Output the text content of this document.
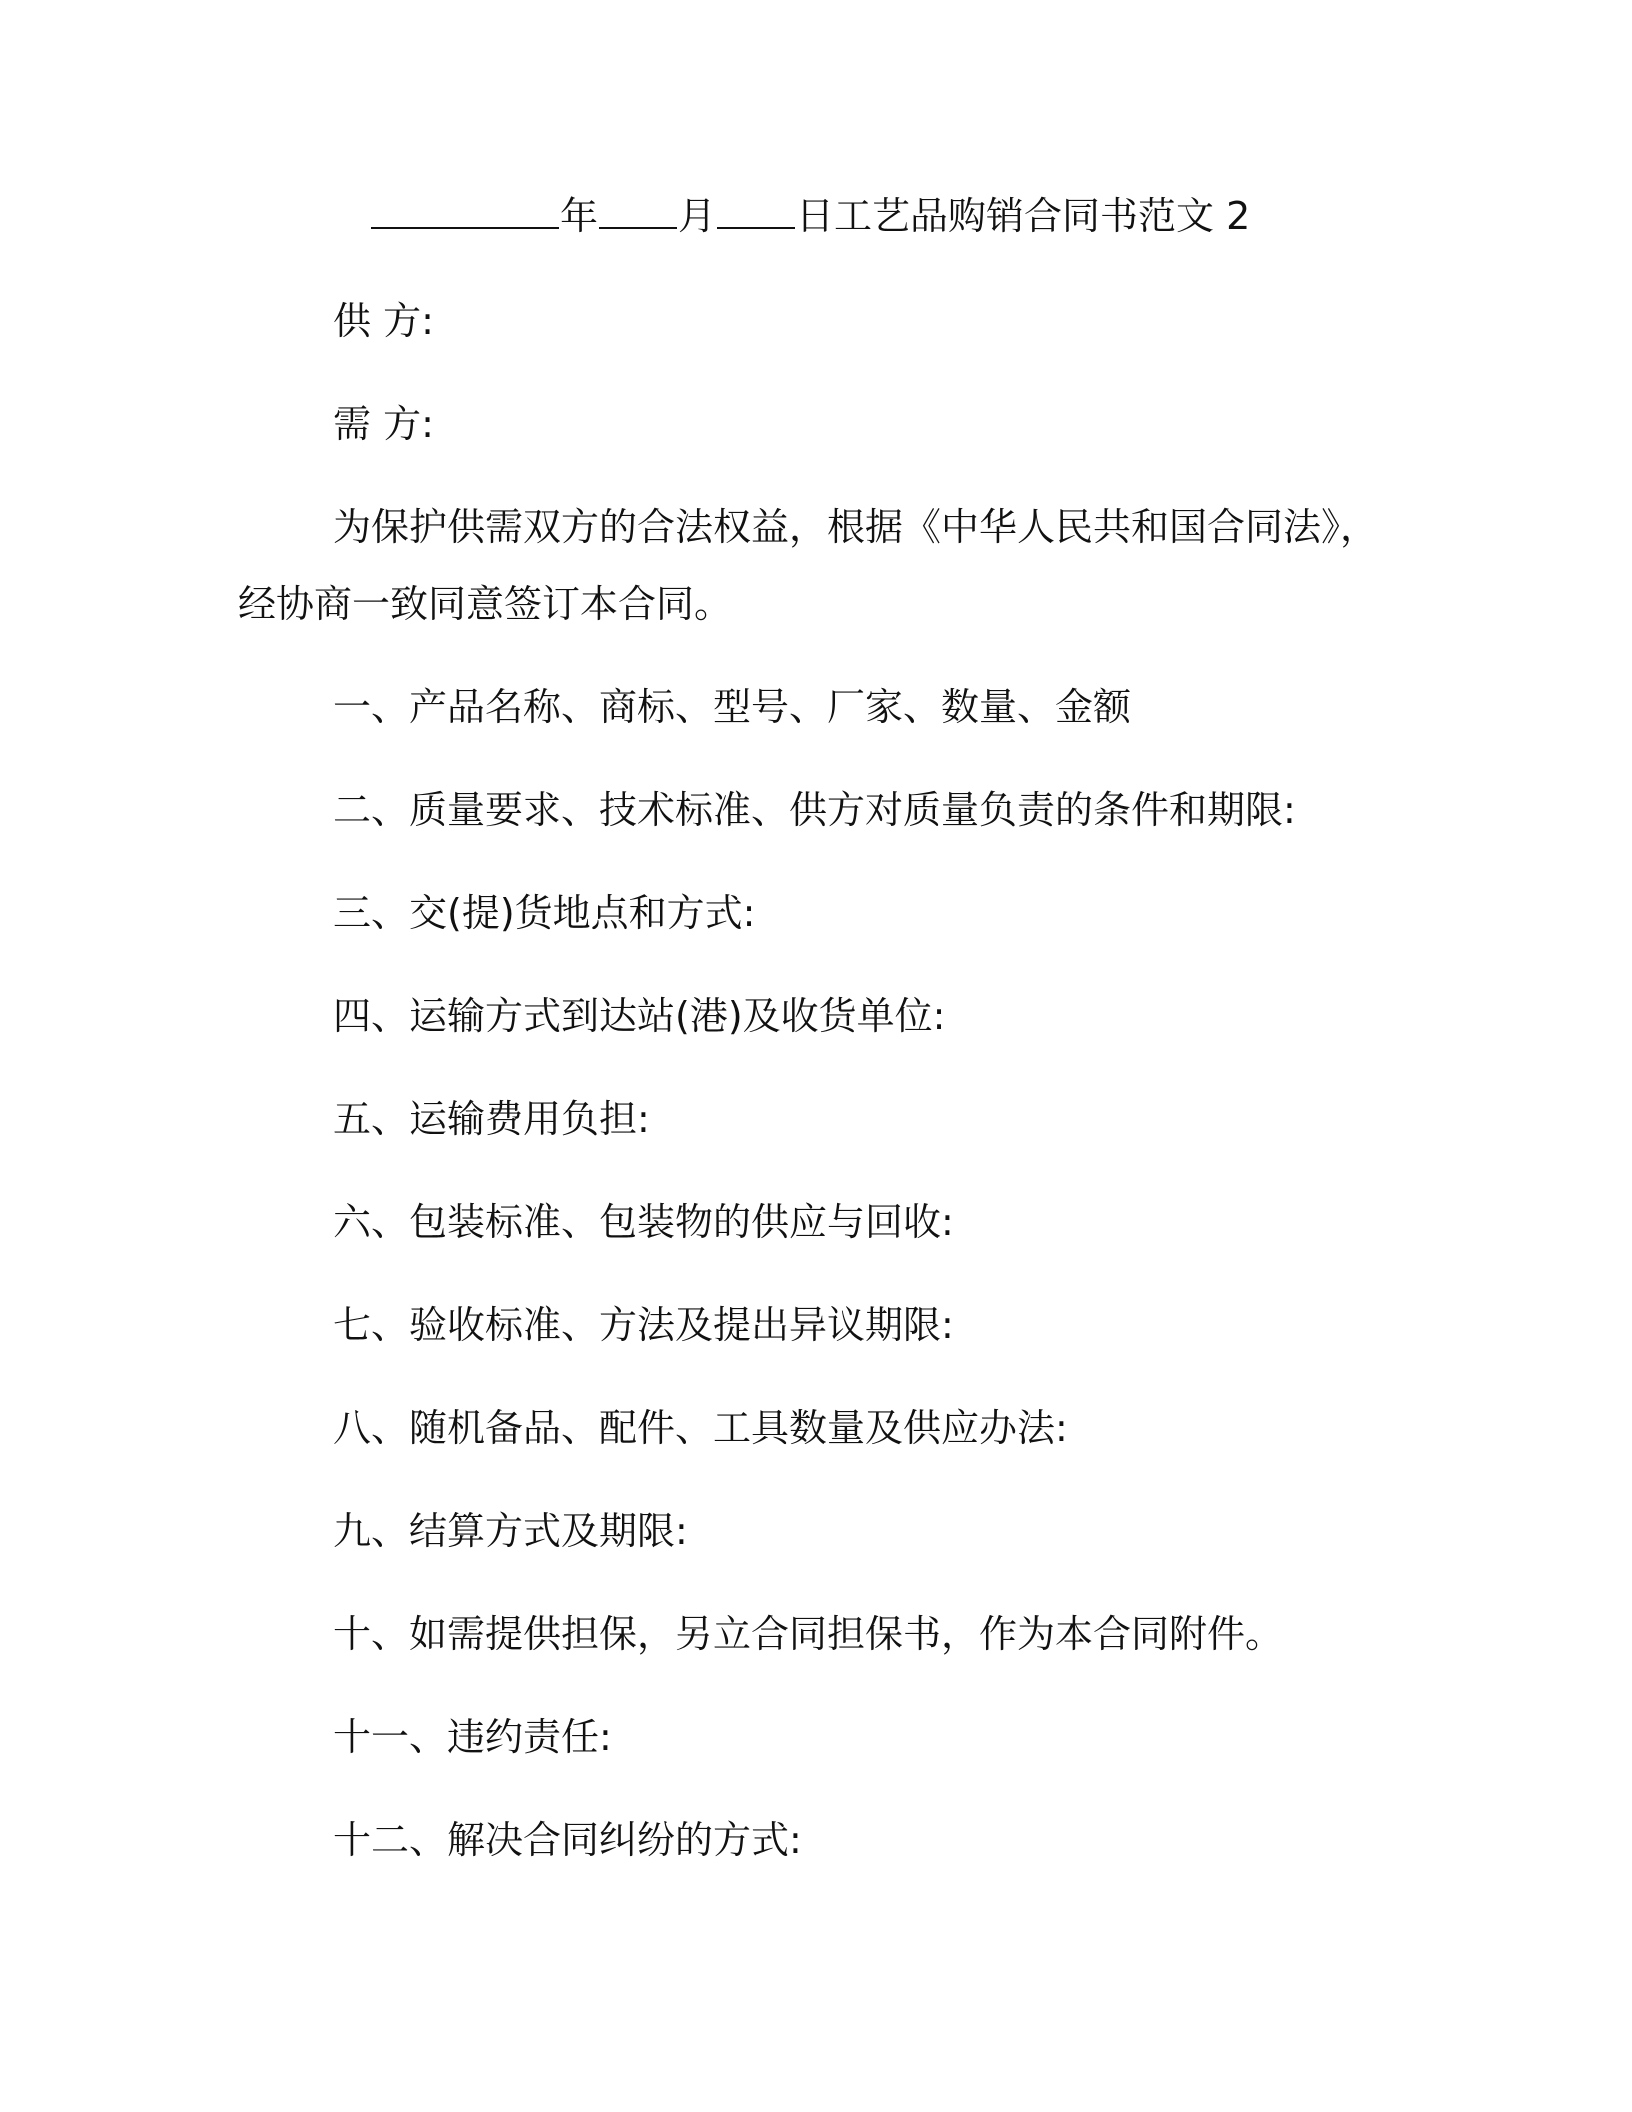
年 月 日工艺品购销合同书范文 2
供 方:
需 方:
为保护供需双方的合法权益，根据《中华人民共和国合同法》，
经协商一致同意签订本合同。
一、产品名称、商标、型号、厂家、数量、金额
二、质量要求、技术标准、供方对质量负责的条件和期限:
三、交(提)货地点和方式:
四、运输方式到达站(港)及收货单位:
五、运输费用负担:
六、包装标准、包装物的供应与回收:
七、验收标准、方法及提出异议期限:
八、随机备品、配件、工具数量及供应办法:
九、结算方式及期限:
十、如需提供担保，另立合同担保书，作为本合同附件。
十一、违约责任:
十二、解决合同纠纷的方式:
